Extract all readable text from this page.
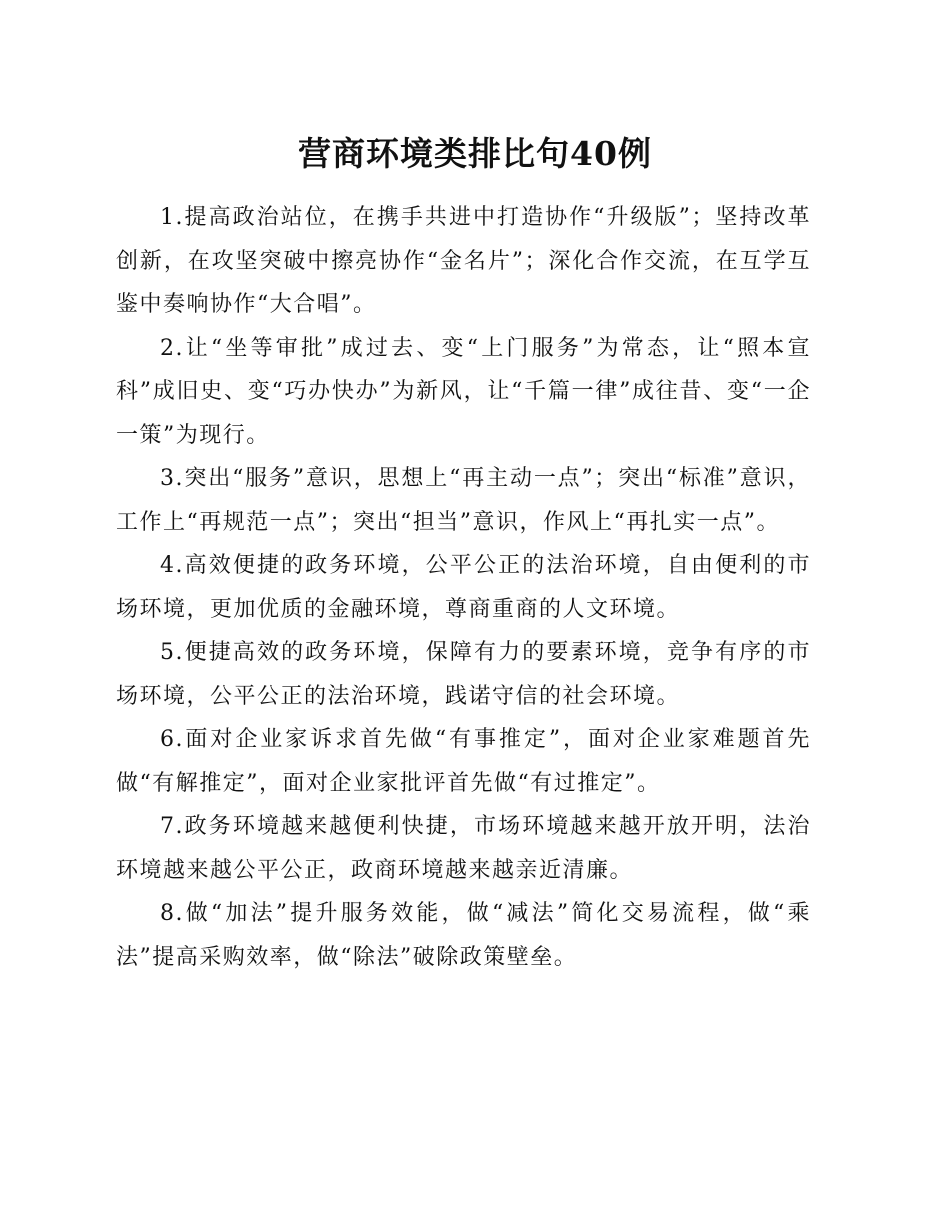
营商环境类排比句40例

1.提高政治站位，在携手共进中打造协作“升级版”；坚持改革创新，在攻坚突破中擦亮协作“金名片”；深化合作交流，在互学互鉴中奏响协作“大合唱”。

2.让“坐等审批”成过去、变“上门服务”为常态，让“照本宣科”成旧史、变“巧办快办”为新风，让“千篇一律”成往昔、变“一企一策”为现行。

3.突出“服务”意识，思想上“再主动一点”；突出“标准”意识，工作上“再规范一点”；突出“担当”意识，作风上“再扎实一点”。

4.高效便捷的政务环境，公平公正的法治环境，自由便利的市场环境，更加优质的金融环境，尊商重商的人文环境。

5.便捷高效的政务环境，保障有力的要素环境，竞争有序的市场环境，公平公正的法治环境，践诺守信的社会环境。

6.面对企业家诉求首先做“有事推定”，面对企业家难题首先做“有解推定”，面对企业家批评首先做“有过推定”。

7.政务环境越来越便利快捷，市场环境越来越开放开明，法治环境越来越公平公正，政商环境越来越亲近清廉。

8.做“加法”提升服务效能，做“减法”简化交易流程，做“乘法”提高采购效率，做“除法”破除政策壁垒。
